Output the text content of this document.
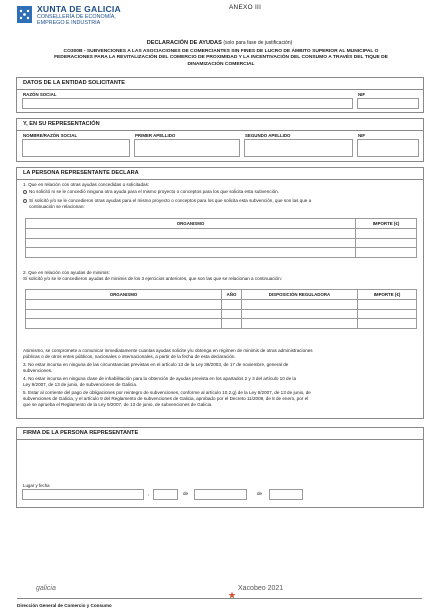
XUNTA DE GALICIA
CONSELLERÍA DE ECONOMÍA,
EMPREGO E INDUSTRIA
ANEXO III
DECLARACIÓN DE AYUDAS (solo para fase de justificación)
CO300B - SUBVENCIONES A LAS ASOCIACIONES DE COMERCIANTES SIN FINES DE LUCRO DE ÁMBITO SUPERIOR AL MUNICIPAL O
FEDERACIONES PARA LA REVITALIZACIÓN DEL COMERCIO DE PROXIMIDAD Y LA INCENTIVACIÓN DEL CONSUMO A TRAVÉS DEL TIQUE DE
DINAMIZACIÓN COMERCIAL
DATOS DE LA ENTIDAD SOLICITANTE
RAZÓN SOCIAL	NIF
Y, EN SU REPRESENTACIÓN
NOMBRE/RAZÓN SOCIAL	PRIMER APELLIDO	SEGUNDO APELLIDO	NIF
LA PERSONA REPRESENTANTE DECLARA
1. Que en relación con otras ayudas concedidas o solicitadas:
No solicitó ni se le concedió ninguna otra ayuda para el mismo proyecto o conceptos para los que solicita esta subvención.
Sí solicitó y/o se le concedieron otras ayudas para el mismo proyecto o conceptos para los que solicita esta subvención, que son las que a
continuación se relacionan:
ORGANISMO	IMPORTE (€)

2. Que en relación con ayudas de minimis:
Sí solicitó y/o se le concedieron ayudas de minimis de los 3 ejercicios anteriores, que son las que se relacionan a continuación:
ORGANISMO	AÑO	DISPOSICIÓN REGULADORA	IMPORTE (€)

Asimismo, se compromete a comunicar inmediatamente cuantas ayudas solicite y/u obtenga en régimen de minimis de otras administraciones
públicas o de otros entes públicos, nacionales o internacionales, a partir de la fecha de esta declaración.
3. No estar incursa en ninguna de las circunstancias previstas en el artículo 13 de la Ley 38/2003, de 17 de noviembre, general de
subvenciones.
4. No estar incursa en ninguna clase de inhabilitación para la obtención de ayudas prevista en los apartados 2 y 3 del artículo 10 de la
Ley 9/2007, de 13 de junio, de subvenciones de Galicia.
5. Estar al corriente del pago de obligaciones por reintegro de subvenciones, conforme al artículo 10.2.g) de la Ley 9/2007, de 13 de junio, de
subvenciones de Galicia, y el artículo 9 del Reglamento de subvenciones de Galicia, aprobado por el Decreto 11/2009, de 8 de enero, por el
que se aprueba el Reglamento de la Ley 9/2007, de 13 de junio, de subvenciones de Galicia.
FIRMA DE LA PERSONA REPRESENTANTE
Lugar y fecha
,	de	de
galicia	Xacobeo 2021
Dirección General de Comercio y Consumo
